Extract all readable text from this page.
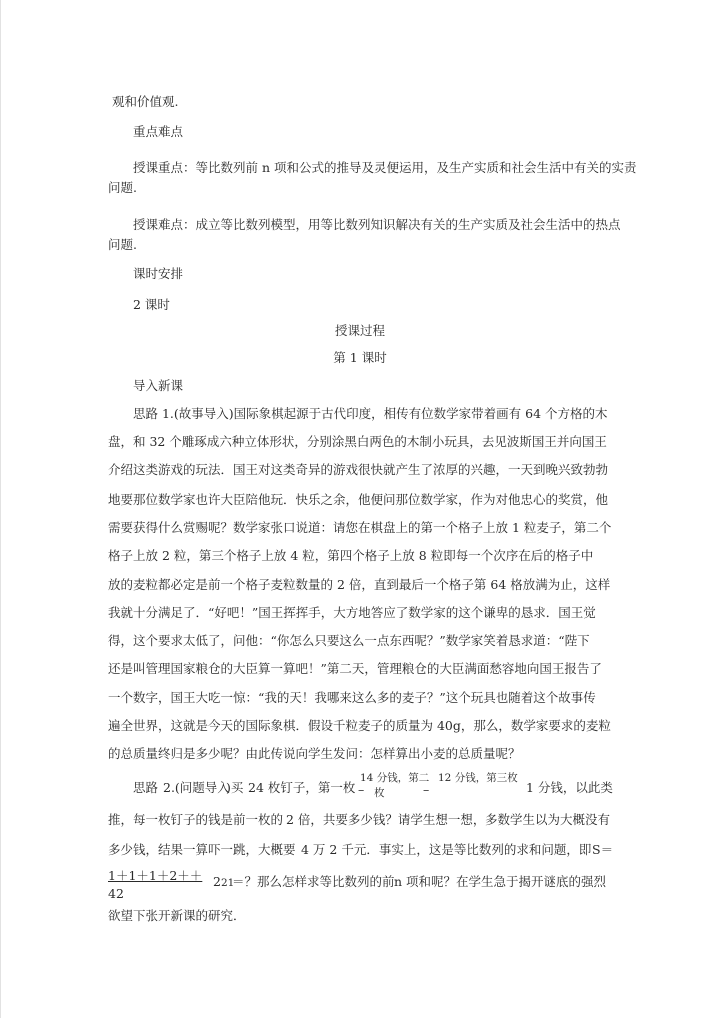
观和价值观.
重点难点
授课重点：等比数列前 n 项和公式的推导及灵便运用，及生产实质和社会生活中有关的实责
问题.
授课难点：成立等比数列模型，用等比数列知识解决有关的生产实质及社会生活中的热点
问题.
课时安排
2 课时
授课过程
第 1 课时
导入新课
思路 1.(故事导入)国际象棋起源于古代印度，相传有位数学家带着画有 64 个方格的木
盘，和 32 个雕琢成六种立体形状，分别涂黑白两色的木制小玩具，去见波斯国王并向国王
介绍这类游戏的玩法．国王对这类奇异的游戏很快就产生了浓厚的兴趣，一天到晚兴致勃勃
地要那位数学家也许大臣陪他玩．快乐之余，他便问那位数学家，作为对他忠心的奖赏，他
需要获得什么赏赐呢？数学家张口说道：请您在棋盘上的第一个格子上放 1 粒麦子，第二个
格子上放 2 粒，第三个格子上放 4 粒，第四个格子上放 8 粒即每一个次序在后的格子中
放的麦粒都必定是前一个格子麦粒数量的 2 倍，直到最后一个格子第 64 格放满为止，这样
我就十分满足了．“好吧！”国王挥挥手，大方地答应了数学家的这个谦卑的恳求．国王觉
得，这个要求太低了，问他：“你怎么只要这么一点东西呢？”数学家笑着恳求道：“陛下
还是叫管理国家粮仓的大臣算一算吧！”第二天，管理粮仓的大臣满面愁容地向国王报告了
一个数字，国王大吃一惊：“我的天！我哪来这么多的麦子？”这个玩具也随着这个故事传
遍全世界，这就是今天的国际象棋．假设千粒麦子的质量为 40g，那么，数学家要求的麦粒
的总质量终归是多少呢？由此传说向学生发问：怎样算出小麦的总质量呢？
思路 2.(问题导入
)买 24 枚钉子，第一枚 –
14 分钱，第二
枚	–
12 分钱，第三枚
1 分钱，以此类
推，每一枚钉子的钱是前一枚的 2 倍，共要多少钱？请学生想一想， 多数学生以为大概没有
多少钱，结果一算吓一跳，大概要 4 万 2 千元．事实上，这是等比数列的求和问题，即 S＝
1＋1＋1＋2＋＋
42
2 21
＝？那么怎样求等比数列的前 n 项和呢？在学生急于揭开谜底的强烈
欲望下张开新课的研究．
